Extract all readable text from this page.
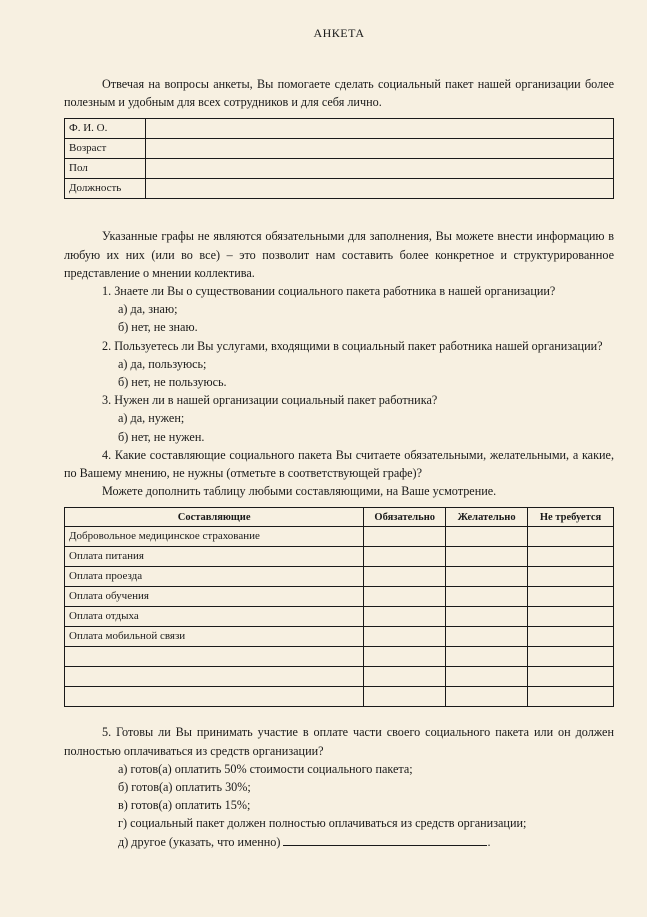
АНКЕТА

Отвечая на вопросы анкеты, Вы помогаете сделать социальный пакет нашей организации более полезным и удобным для всех сотрудников и для себя лично.

Ф. И. О.	
Возраст	
Пол	
Должность	

Указанные графы не являются обязательными для заполнения, Вы можете внести информацию в любую их них (или во все) – это позволит нам составить более конкретное и структурированное представление о мнении коллектива.

1. Знаете ли Вы о существовании социального пакета работника в нашей организации?

а) да, знаю;

б) нет, не знаю.

2. Пользуетесь ли Вы услугами, входящими в социальный пакет работника нашей организации?

а) да, пользуюсь;

б) нет, не пользуюсь.

3. Нужен ли в нашей организации социальный пакет работника?

а) да, нужен;

б) нет, не нужен.

4. Какие составляющие социального пакета Вы считаете обязательными, желательными, а какие, по Вашему мнению, не нужны (отметьте в соответствующей графе)?

Можете дополнить таблицу любыми составляющими, на Ваше усмотрение.

Составляющие	Обязательно	Желательно	Не требуется
Добровольное медицинское страхование			
Оплата питания			
Оплата проезда			
Оплата обучения			
Оплата отдыха			
Оплата мобильной связи			

5. Готовы ли Вы принимать участие в оплате части своего социального пакета или он должен полностью оплачиваться из средств организации?

а) готов(а) оплатить 50% стоимости социального пакета;

б) готов(а) оплатить 30%;

в) готов(а) оплатить 15%;

г) социальный пакет должен полностью оплачиваться из средств организации;

д) другое (указать, что именно)	.
